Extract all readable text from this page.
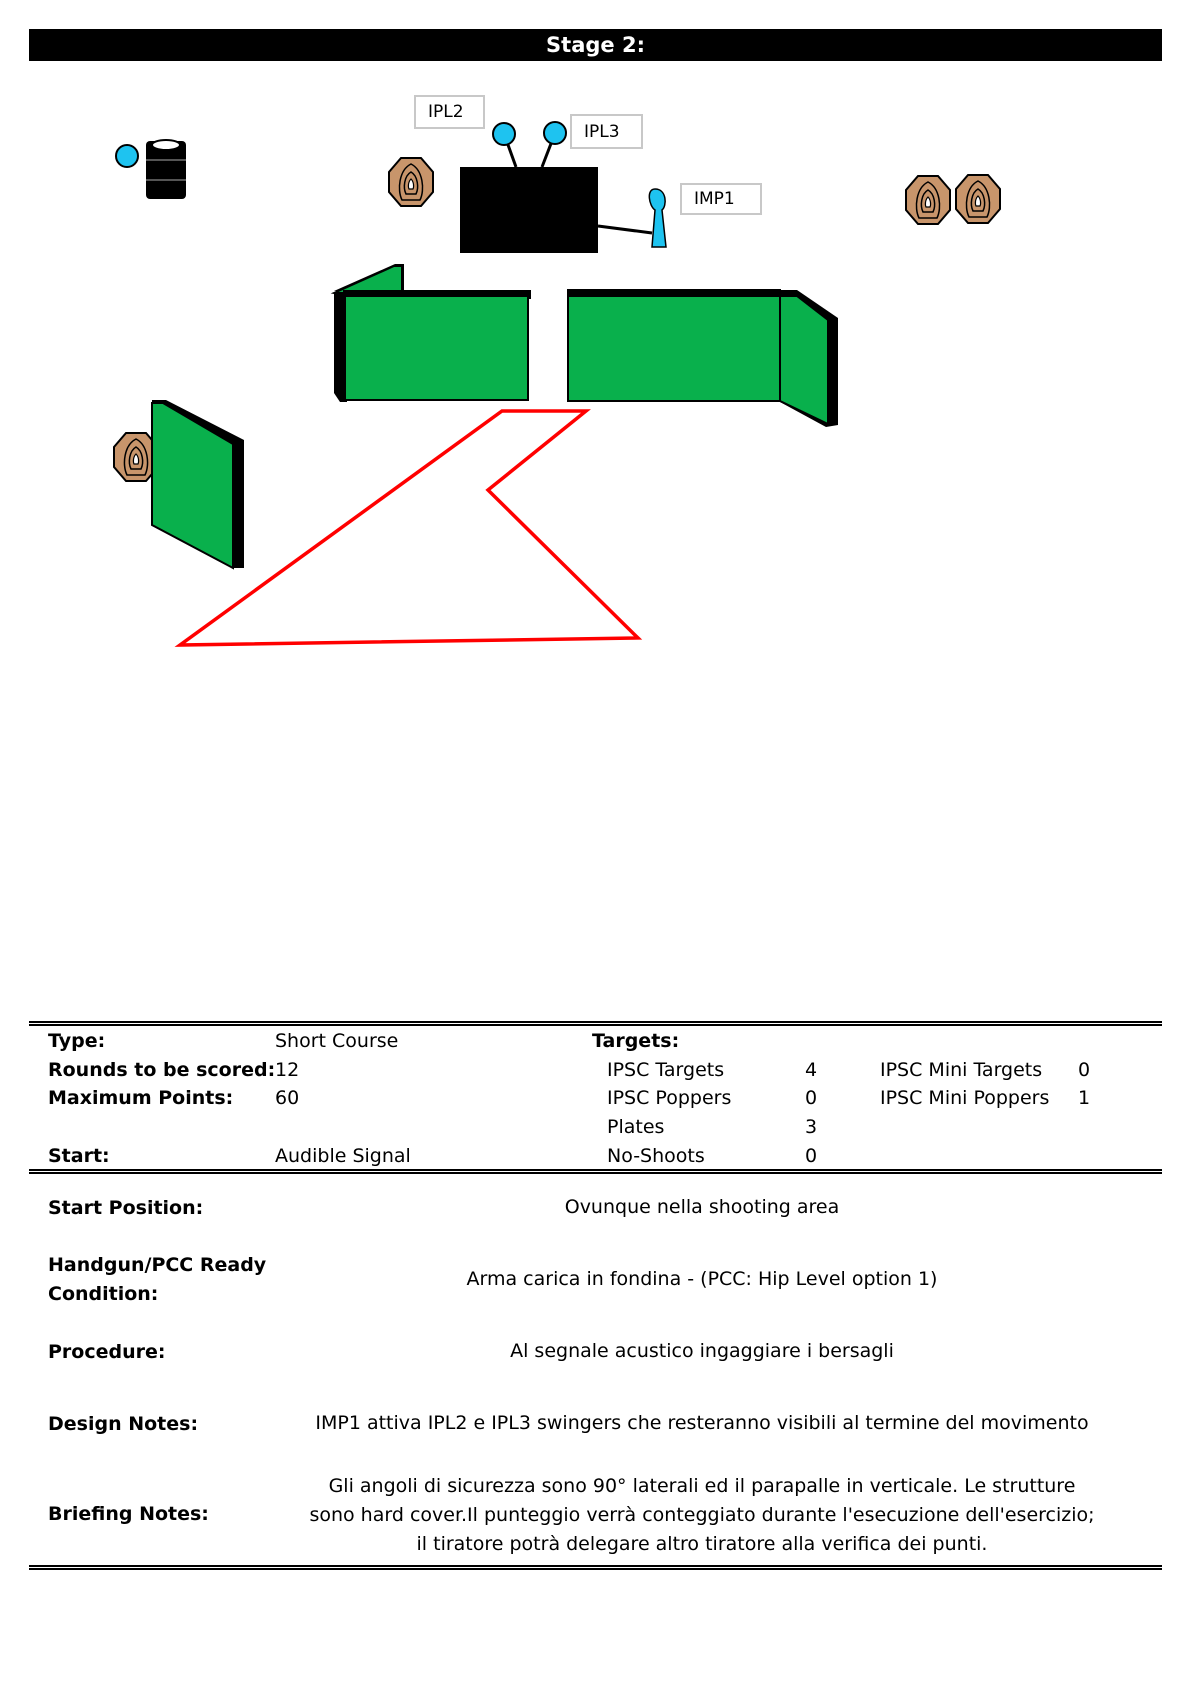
Stage 2:
IPL2
IPL3
IMP1
Type:	Short Course
Rounds to be scored: 12
Maximum Points: 60
Start:	Audible Signal
Targets:
IPSC Targets	4
IPSC Poppers	0
Plates	3
No-Shoots	0
IPSC Mini Targets 0
IPSC Mini Poppers 1
Start Position:	Ovunque nella shooting area
Handgun/PCC Ready
Condition:
Arma carica in fondina - (PCC: Hip Level option 1)
Procedure:	Al segnale acustico ingaggiare i bersagli
Design Notes:	IMP1 attiva IPL2 e IPL3 swingers che resteranno visibili al termine del movimento
Briefing Notes:
Gli angoli di sicurezza sono 90° laterali ed il parapalle in verticale. Le strutture sono hard cover.Il punteggio verrà conteggiato durante l'esecuzione dell'esercizio; il tiratore potrà delegare altro tiratore alla verifica dei punti.
